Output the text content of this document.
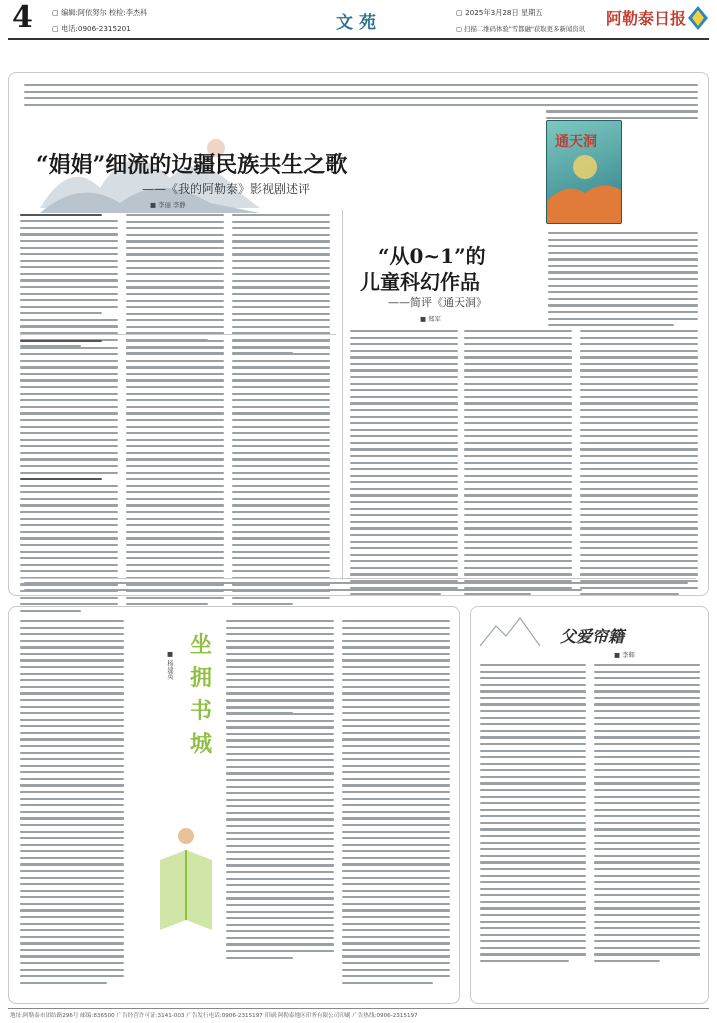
4	▢ 编辑:阿依努尔 校检:李杰科
▢ 电话:0906-2315201	文苑
▢ 2025年3月28日 星期五
▢ 扫描二维码体验"雪都融"获取更多新闻资讯
阿勒泰日报
“娟娟”细流的边疆民族共生之歌
——《我的阿勒泰》影视剧述评
■ 李丽 李静
通天洞
“从0~1”的
儿童科幻作品
——简评《通天洞》
■ 郑军
坐
拥
书
城
■ 杨建英
父爱帘籍
■ 李辉
地址:阿勒泰市团结路296号 邮编:836500 广告经营许可证:3141-003 广告发行电话:0906-2315197 印刷:阿勒泰地区印务有限公司印刷 广告热线:0906-2315197
